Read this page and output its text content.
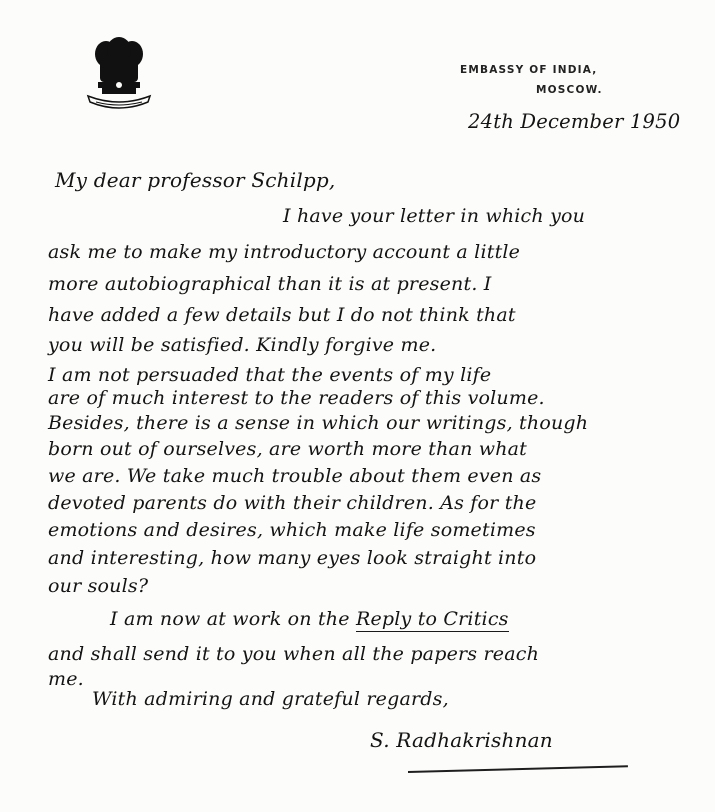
EMBASSY OF INDIA,
MOSCOW.
24th December 1950
My dear professor Schilpp,
I have your letter in which you
ask me to make my introductory account a little
more autobiographical than it is at present. I
have added a few details but I do not think that
you will be satisfied. Kindly forgive me.
I am not persuaded that the events of my life
are of much interest to the readers of this volume.
Besides, there is a sense in which our writings, though
born out of ourselves, are worth more than what
we are. We take much trouble about them even as
devoted parents do with their children. As for the
emotions and desires, which make life sometimes
and interesting, how many eyes look straight into
our souls?
I am now at work on the Reply to Critics
and shall send it to you when all the papers reach
me.
With admiring and grateful regards,
S. Radhakrishnan
